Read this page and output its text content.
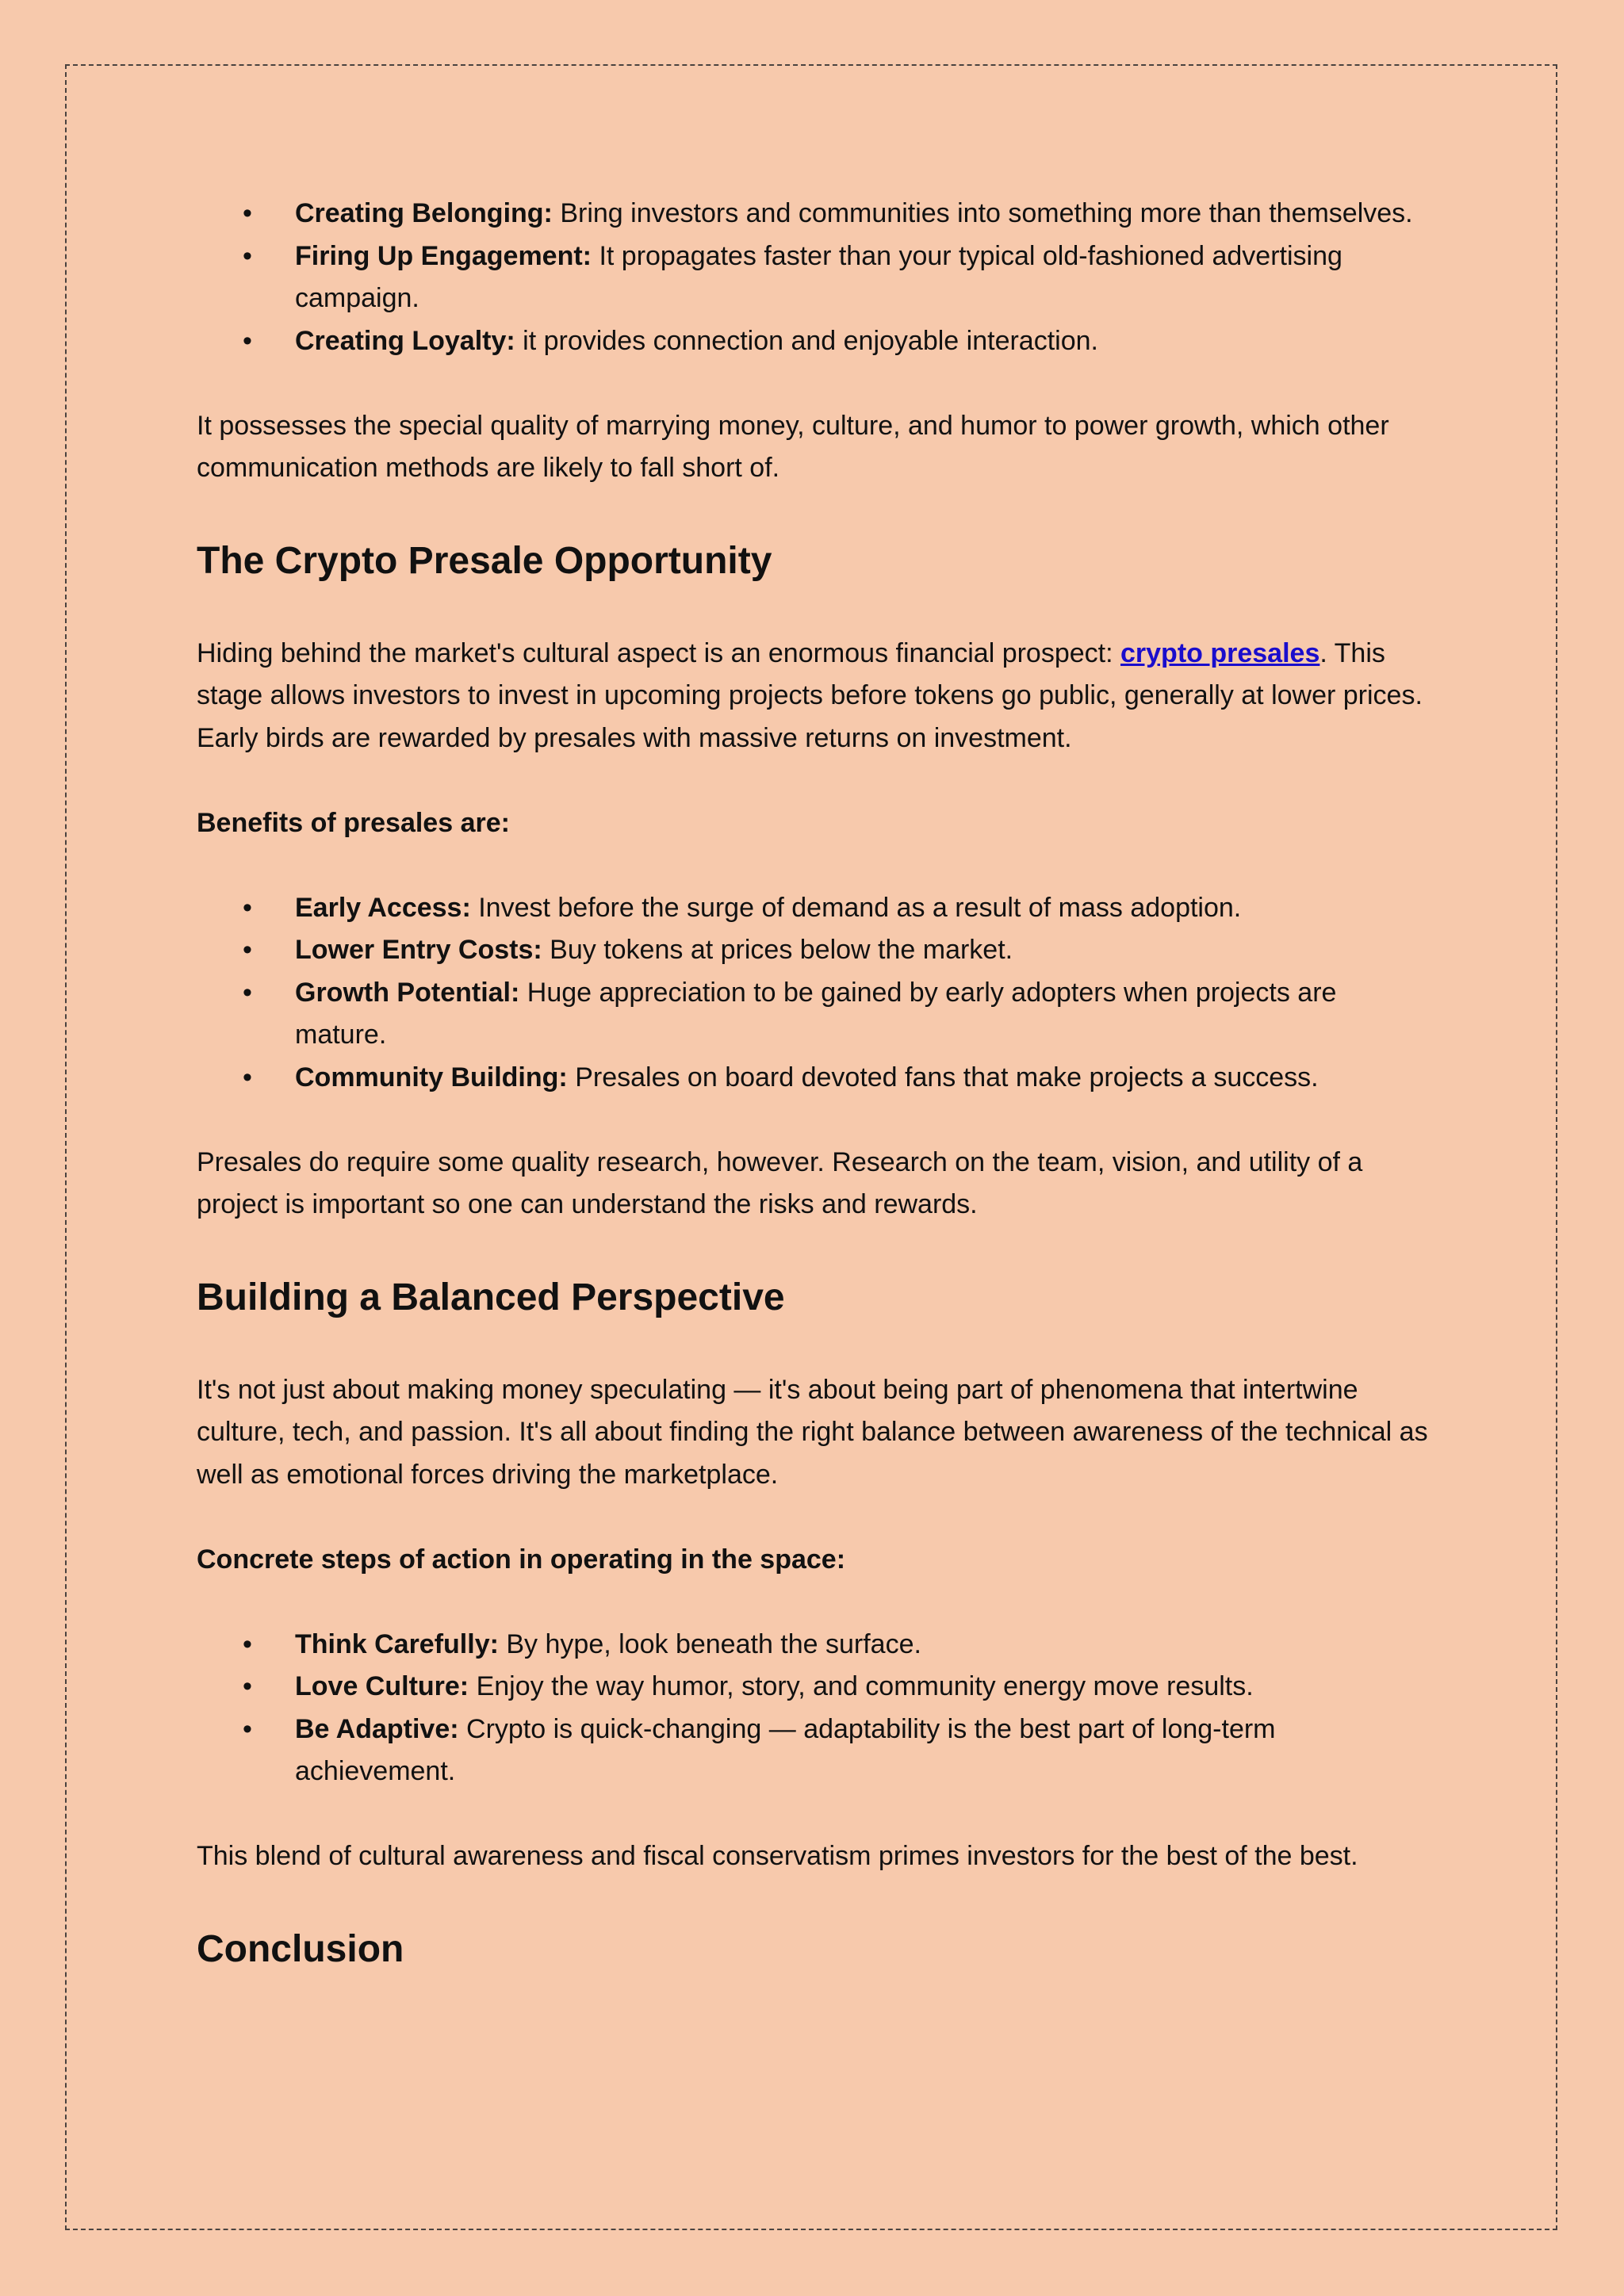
• Creating Belonging: Bring investors and communities into something more than themselves.
• Firing Up Engagement: It propagates faster than your typical old-fashioned advertising campaign.
• Creating Loyalty: it provides connection and enjoyable interaction.

It possesses the special quality of marrying money, culture, and humor to power growth, which other communication methods are likely to fall short of.

The Crypto Presale Opportunity

Hiding behind the market's cultural aspect is an enormous financial prospect: crypto presales. This stage allows investors to invest in upcoming projects before tokens go public, generally at lower prices. Early birds are rewarded by presales with massive returns on investment.

Benefits of presales are:

• Early Access: Invest before the surge of demand as a result of mass adoption.
• Lower Entry Costs: Buy tokens at prices below the market.
• Growth Potential: Huge appreciation to be gained by early adopters when projects are mature.
• Community Building: Presales on board devoted fans that make projects a success.

Presales do require some quality research, however. Research on the team, vision, and utility of a project is important so one can understand the risks and rewards.

Building a Balanced Perspective

It's not just about making money speculating — it's about being part of phenomena that intertwine culture, tech, and passion. It's all about finding the right balance between awareness of the technical as well as emotional forces driving the marketplace.

Concrete steps of action in operating in the space:

• Think Carefully: By hype, look beneath the surface.
• Love Culture: Enjoy the way humor, story, and community energy move results.
• Be Adaptive: Crypto is quick-changing — adaptability is the best part of long-term achievement.

This blend of cultural awareness and fiscal conservatism primes investors for the best of the best.

Conclusion
